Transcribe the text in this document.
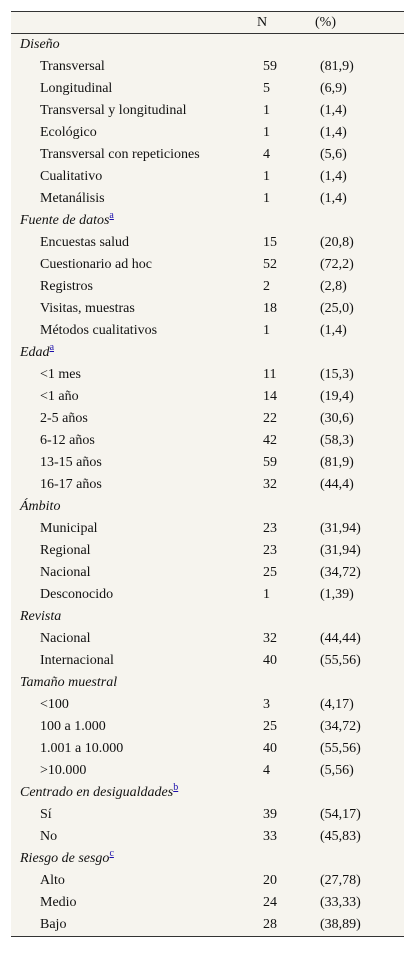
	N	(%)
Diseño		
Transversal	59	(81,9)
Longitudinal	5	(6,9)
Transversal y longitudinal	1	(1,4)
Ecológico	1	(1,4)
Transversal con repeticiones	4	(5,6)
Cualitativo	1	(1,4)
Metanálisis	1	(1,4)
Fuente de datos$^a$
Encuestas salud	15	(20,8)
Cuestionario ad hoc	52	(72,2)
Registros	2	(2,8)
Visitas, muestras	18	(25,0)
Métodos cualitativos	1	(1,4)
Edad$^a$
<1 mes	11	(15,3)
<1 año	14	(19,4)
2-5 años	22	(30,6)
6-12 años	42	(58,3)
13-15 años	59	(81,9)
16-17 años	32	(44,4)
Ámbito		
Municipal	23	(31,94)
Regional	23	(31,94)
Nacional	25	(34,72)
Desconocido	1	(1,39)
Revista		
Nacional	32	(44,44)
Internacional	40	(55,56)
Tamaño muestral		
<100	3	(4,17)
100 a 1.000	25	(34,72)
1.001 a 10.000	40	(55,56)
>10.000	4	(5,56)
Centrado en desigualdades$^b$
Sí	39	(54,17)
No	33	(45,83)
Riesgo de sesgo$^c$
Alto	20	(27,78)
Medio	24	(33,33)
Bajo	28	(38,89)
